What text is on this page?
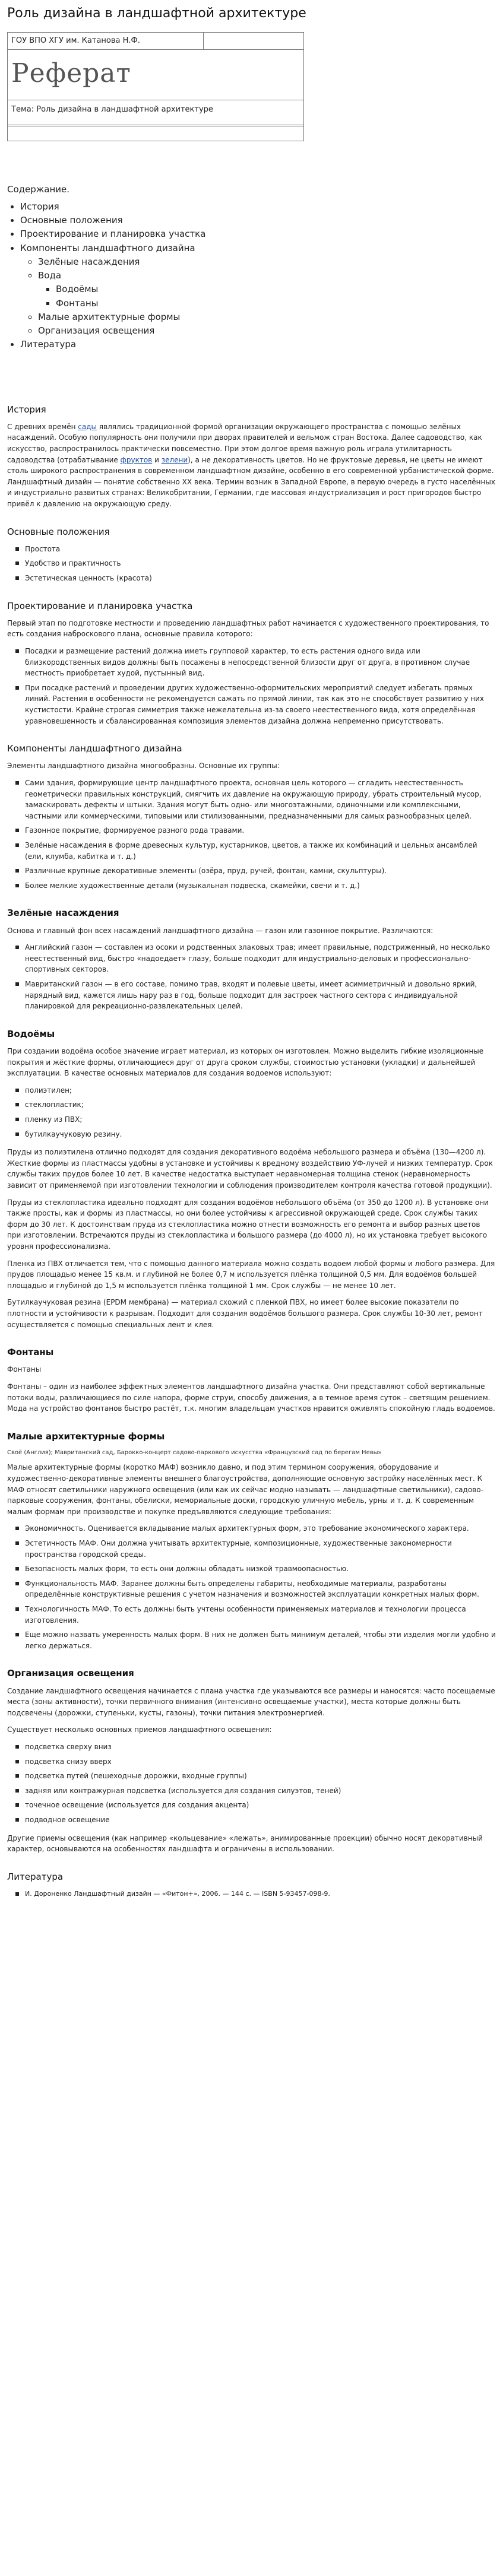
Роль дизайна в ландшафтной архитектуре
ГОУ ВПО ХГУ им. Катанова Н.Ф.
Реферат
Тема: Роль дизайна в ландшафтной архитектуре
Содержание.
• История
• Основные положения
• Проектирование и планировка участка
• Компоненты ландшафтного дизайна
◦ Зелёные насаждения
◦ Вода
▪ Водоёмы
▪ Фонтаны
◦ Малые архитектурные формы
◦ Организация освещения
• Литература
История

С древних времён сады являлись традиционной формой организации окружающего пространства с помощью зелёных насаждений. Особую популярность они получили при дворах правителей и вельмож стран Востока. Далее садоводство, как искусство, распространилось практически повсеместно. При этом долгое время важную роль играла утилитарность садоводства (отрабатывание фруктов и зелени), а не декоративность цветов. Но не фруктовые деревья, не цветы не имеют столь широкого распространения в современном ландшафтном дизайне, особенно в его современной урбанистической форме. Ландшафтный дизайн — понятие собственно XX века. Термин возник в Западной Европе, в первую очередь в густо населённых и индустриально развитых странах: Великобритании, Германии, где массовая индустриализация и рост пригородов быстро привёл к давлению на окружающую среду.

Основные положения
Простота
Удобство и практичность
Эстетическая ценность (красота)
Проектирование и планировка участка

Первый этап по подготовке местности и проведению ландшафтных работ начинается с художественного проектирования, то есть создания наброскового плана, основные правила которого:

Посадки и размещение растений должна иметь групповой характер, то есть растения одного вида или близкородственных видов должны быть посажены в непосредственной близости друг от друга, в противном случае местность приобретает худой, пустынный вид.
При посадке растений и проведении других художественно-оформительских мероприятий следует избегать прямых линий. Растения в особенности не рекомендуется сажать по прямой линии, так как это не способствует развитию у них кустистости. Крайне строгая симметрия также нежелательна из-за своего неестественного вида, хотя определённая уравновешенность и сбалансированная композиция элементов дизайна должна непременно присутствовать.
Компоненты ландшафтного дизайна

Элементы ландшафтного дизайна многообразны. Основные их группы:

Сами здания, формирующие центр ландшафтного проекта, основная цель которого — сгладить неестественность геометрически правильных конструкций, смягчить их давление на окружающую природу, убрать строительный мусор, замаскировать дефекты и штыки. Здания могут быть одно- или многоэтажными, одиночными или комплексными, частными или коммерческими, типовыми или стилизованными, предназначенными для самых разнообразных целей.
Газонное покрытие, формируемое разного рода травами.
Зелёные насаждения в форме древесных культур, кустарников, цветов, а также их комбинаций и цельных ансамблей (ели, клумба, кабитка и т. д.)
Различные крупные декоративные элементы (озёра, пруд, ручей, фонтан, камни, скульптуры).
Более мелкие художественные детали (музыкальная подвеска, скамейки, свечи и т. д.)
Зелёные насаждения

Основа и главный фон всех насаждений ландшафтного дизайна — газон или газонное покрытие. Различаются:

Английский газон — составлен из осоки и родственных злаковых трав; имеет правильные, подстриженный, но несколько неестественный вид, быстро «надоедает» глазу, больше подходит для индустриально-деловых и профессионально-спортивных секторов.
Мавританский газон — в его составе, помимо трав, входят и полевые цветы, имеет асимметричный и довольно яркий, нарядный вид, кажется лишь нару раз в год, больше подходит для застроек частного сектора с индивидуальной планировкой для рекреационно-развлекательных целей.
Водоёмы

При создании водоёма особое значение играет материал, из которых он изготовлен. Можно выделить гибкие изоляционные покрытия и жёсткие формы, отличающиеся друг от друга сроком службы, стоимостью установки (укладки) и дальнейшей эксплуатации. В качестве основных материалов для создания водоемов используют:

полиэтилен;
стеклопластик;
пленку из ПВХ;
бутилкаучуковую резину.

Пруды из полиэтилена отлично подходят для создания декоративного водоёма небольшого размера и объёма (130—4200 л). Жесткие формы из пластмассы удобны в установке и устойчивы к вредному воздействию УФ-лучей и низких температур. Срок службы таких прудов более 10 лет. В качестве недостатка выступает неравномерная толщина стенок (неравномерность зависит от применяемой при изготовлении технологии и соблюдения производителем контроля качества готовой продукции).

Пруды из стеклопластика идеально подходят для создания водоёмов небольшого объёма (от 350 до 1200 л). В установке они также просты, как и формы из пластмассы, но они более устойчивы к агрессивной окружающей среде. Срок службы таких форм до 30 лет. К достоинствам пруда из стеклопластика можно отнести возможность его ремонта и выбор разных цветов при изготовлении. Встречаются пруды из стеклопластика и большого размера (до 4000 л), но их установка требует высокого уровня профессионализма.

Пленка из ПВХ отличается тем, что с помощью данного материала можно создать водоем любой формы и любого размера. Для прудов площадью менее 15 кв.м. и глубиной не более 0,7 м используется плёнка толщиной 0,5 мм. Для водоёмов большей площадью и глубиной до 1,5 м используется плёнка толщиной 1 мм. Срок службы — не менее 10 лет.

Бутилкаучуковая резина (EPDM мембрана) — материал схожий с пленкой ПВХ, но имеет более высокие показатели по плотности и устойчивости к разрывам. Подходит для создания водоёмов большого размера. Срок службы 10-30 лет, ремонт осуществляется с помощью специальных лент и клея.

Фонтаны

Фонтаны

Фонтаны – один из наиболее эффектных элементов ландшафтного дизайна участка. Они представляют собой вертикальные потоки воды, различающиеся по силе напора, форме струи, способу движения, а в темное время суток – светящим решением. Мода на устройство фонтанов быстро растёт, т.к. многим владельцам участков нравится оживлять спокойную гладь водоемов.

Малые архитектурные формы

Своё (Англия); Мавританский сад, Барокко-концерт садово-паркового искусства «Французский сад по берегам Невы»

Малые архитектурные формы (коротко МАФ) возникло давно, и под этим термином сооружения, оборудование и художественно-декоративные элементы внешнего благоустройства, дополняющие основную застройку населённых мест. К МАФ относят светильники наружного освещения (или как их сейчас модно называть — ландшафтные светильники), садово-парковые сооружения, фонтаны, обелиски, мемориальные доски, городскую уличную мебель, урны и т. д. К современным малым формам при производстве и покупке предъявляются следующие требования:

Экономичность. Оценивается вкладывание малых архитектурных форм, это требование экономического характера.
Эстетичность МАФ. Они должна учитывать архитектурные, композиционные, художественные закономерности пространства городской среды.
Безопасность малых форм, то есть они должны обладать низкой травмоопасностью.
Функциональность МАФ. Заранее должны быть определены габариты, необходимые материалы, разработаны определённые конструктивные решения с учетом назначения и возможностей эксплуатации конкретных малых форм.
Технологичность МАФ. То есть должны быть учтены особенности применяемых материалов и технологии процесса изготовления.
Еще можно назвать умеренность малых форм. В них не должен быть минимум деталей, чтобы эти изделия могли удобно и легко держаться.
Организация освещения

Создание ландшафтного освещения начинается с плана участка где указываются все размеры и наносятся: часто посещаемые места (зоны активности), точки первичного внимания (интенсивно освещаемые участки), места которые должны быть подсвечены (дорожки, ступеньки, кусты, газоны), точки питания электроэнергией.

Существует несколько основных приемов ландшафтного освещения:

подсветка сверху вниз
подсветка снизу вверх
подсветка путей (пешеходные дорожки, входные группы)
задняя или контражурная подсветка (используется для создания силуэтов, теней)
точечное освещение (используется для создания акцента)
подводное освещение

Другие приемы освещения (как например «кольцевание» «лежать», анимированные проекции) обычно носят декоративный характер, основываются на особенностях ландшафта и ограничены в использовании.

Литература
И. Дороненко Ландшафтный дизайн — «Фитон+», 2006. — 144 с. — ISBN 5-93457-098-9.
